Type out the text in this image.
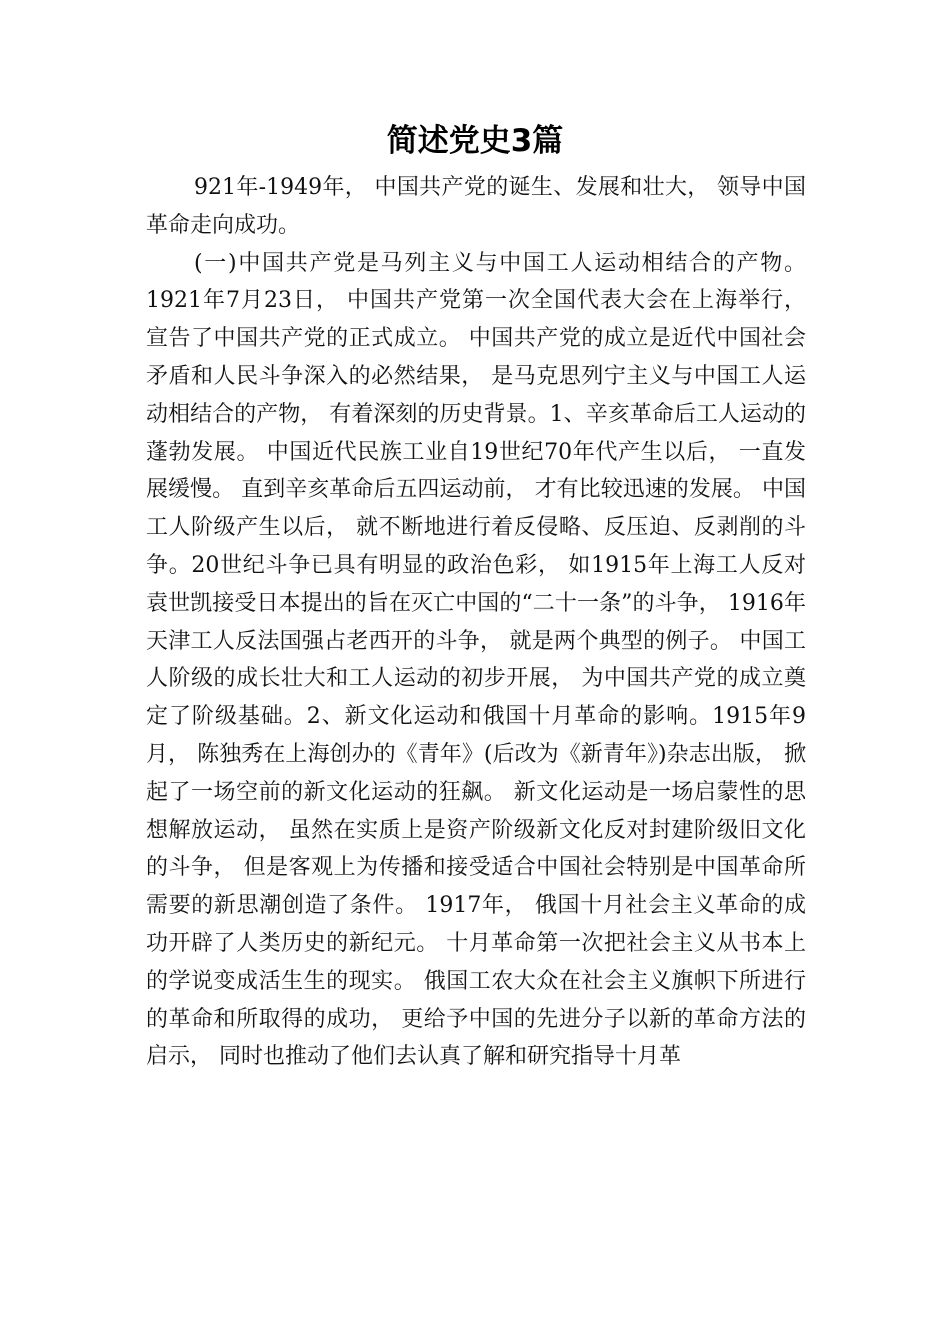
简述党史3篇

921年-1949年， 中国共产党的诞生、发展和壮大， 领导中国革命走向成功。

(一)中国共产党是马列主义与中国工人运动相结合的产物。1921年7月23日， 中国共产党第一次全国代表大会在上海举行， 宣告了中国共产党的正式成立。 中国共产党的成立是近代中国社会矛盾和人民斗争深入的必然结果， 是马克思列宁主义与中国工人运动相结合的产物， 有着深刻的历史背景。1、辛亥革命后工人运动的蓬勃发展。 中国近代民族工业自19世纪70年代产生以后， 一直发展缓慢。 直到辛亥革命后五四运动前， 才有比较迅速的发展。 中国工人阶级产生以后， 就不断地进行着反侵略、反压迫、反剥削的斗争。20世纪斗争已具有明显的政治色彩， 如1915年上海工人反对袁世凯接受日本提出的旨在灭亡中国的“二十一条”的斗争， 1916年天津工人反法国强占老西开的斗争， 就是两个典型的例子。 中国工人阶级的成长壮大和工人运动的初步开展， 为中国共产党的成立奠定了阶级基础。2、新文化运动和俄国十月革命的影响。1915年9月， 陈独秀在上海创办的《青年》(后改为《新青年》)杂志出版， 掀起了一场空前的新文化运动的狂飙。 新文化运动是一场启蒙性的思想解放运动， 虽然在实质上是资产阶级新文化反对封建阶级旧文化的斗争， 但是客观上为传播和接受适合中国社会特别是中国革命所需要的新思潮创造了条件。 1917年， 俄国十月社会主义革命的成功开辟了人类历史的新纪元。 十月革命第一次把社会主义从书本上的学说变成活生生的现实。 俄国工农大众在社会主义旗帜下所进行的革命和所取得的成功， 更给予中国的先进分子以新的革命方法的启示， 同时也推动了他们去认真了解和研究指导十月革
